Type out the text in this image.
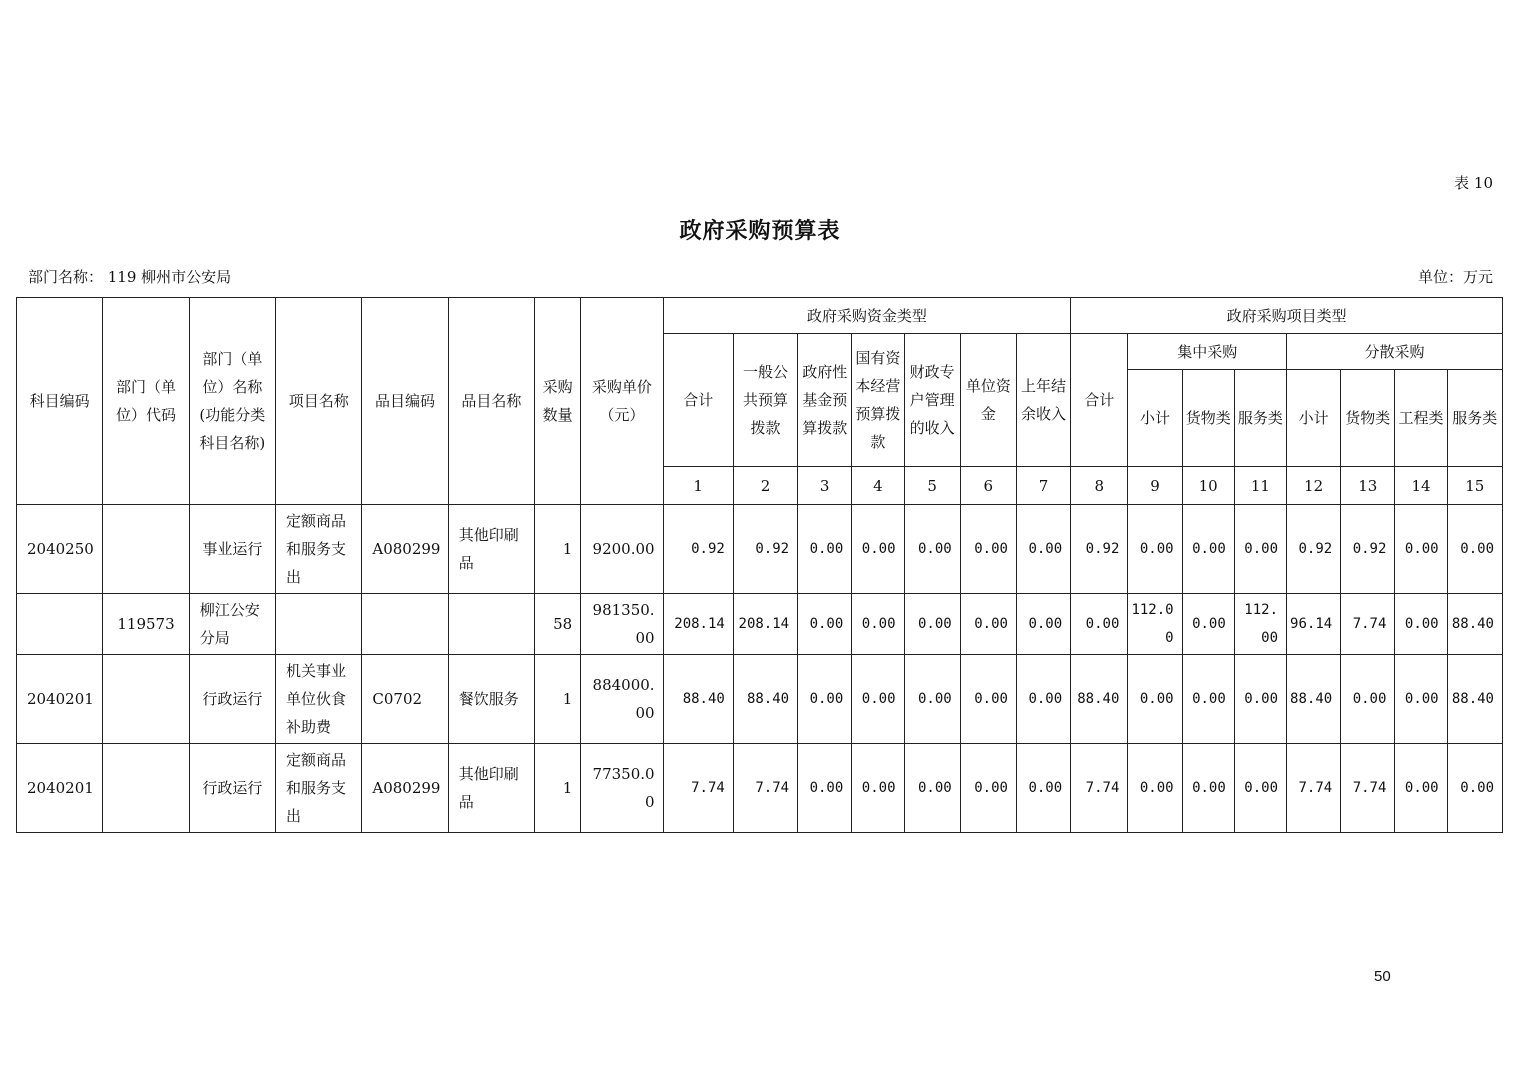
表 10
政府采购预算表
部门名称： 119 柳州市公安局	单位：万元
科目编码	部门（单位）代码	部门（单位）名称(功能分类科目名称)	项目名称	品目编码	品目名称	采购数量	采购单价（元）	政府采购资金类型							政府采购项目类型							
								合计	一般公共预算拨款	政府性基金预算拨款	国有资本经营预算拨款	财政专户管理的收入	单位资金	上年结余收入	合计	集中采购			分散采购			
																小计	货物类	服务类	小计	货物类	工程类	服务类
								1	2	3	4	5	6	7	8	9	10	11	12	13	14	15
2040250		事业运行	定额商品和服务支出	A080299	其他印刷品	1	9200.00	0.92	0.92	0.00	0.00	0.00	0.00	0.00	0.92	0.00	0.00	0.00	0.92	0.92	0.00	0.00
	119573	柳江公安分局				58	981350.00	208.14	208.14	0.00	0.00	0.00	0.00	0.00	0.00	112.00	0.00	112.00	96.14	7.74	0.00	88.40
2040201		行政运行	机关事业单位伙食补助费	C0702	餐饮服务	1	884000.00	88.40	88.40	0.00	0.00	0.00	0.00	0.00	88.40	0.00	0.00	0.00	88.40	0.00	0.00	88.40
2040201		行政运行	定额商品和服务支出	A080299	其他印刷品	1	77350.00	7.74	7.74	0.00	0.00	0.00	0.00	0.00	7.74	0.00	0.00	0.00	7.74	7.74	0.00	0.00
50
